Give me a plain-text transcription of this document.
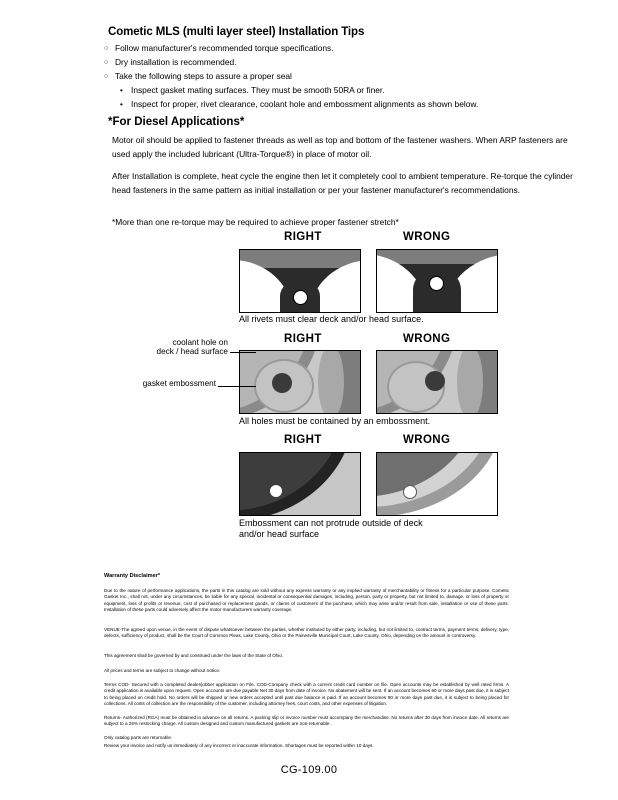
Cometic MLS (multi layer steel) Installation Tips
○ Follow manufacturer's recommended torque specifications.
○ Dry installation is recommended.
○ Take the following steps to assure a proper seal
• Inspect gasket mating surfaces. They must be smooth 50RA or finer.
• Inspect for proper, rivet clearance, coolant hole and embossment alignments as shown below.
*For Diesel Applications*
Motor oil should be applied to fastener threads as well as top and bottom of the fastener washers. When ARP fasteners are used apply the included lubricant (Ultra-Torque®) in place of motor oil.
After Installation is complete, heat cycle the engine then let it completely cool to ambient temperature. Re-torque the cylinder head fasteners in the same pattern as initial installation or per your fastener manufacturer's recommendations.
*More than one re-torque may be required to achieve proper fastener stretch*
RIGHT	WRONG
All rivets must clear deck and/or head surface.
RIGHT	WRONG
coolant hole on
deck / head surface
gasket embossment
All holes must be contained by an embossment.
RIGHT	WRONG
Embossment can not protrude outside of deck
and/or head surface
Warranty Disclaimer*
Due to the nature of performance applications, the parts in this catalog are sold without any express warranty or any implied warranty of merchantability or fitness for a particular purpose. Cometic Gasket Inc., shall not, under any circumstances, be liable for any special, incidental or consequential damages, including, person, party or property, but not limited to, damage, or loss of property or equipment, loss of profits or revenue, cost of purchased or replacement goods, or claims of customers of the purchase, which may arise and/or result from sale, installation or use of these parts. Installation of these parts could adversely affect the motor manufacturers warranty coverage.
VENUE-The agreed upon venue, in the event of dispute whatsoever between the parties, whether instituted by either party, including, but not limited to, contract terms, payment terms, delivery, type, defects, sufficiency of product, shall be the Court of Common Pleas, Lake County, Ohio or the Painesville Municipal Court, Lake County, Ohio, depending on the amount in controversy.
This agreement shall be governed by and construed under the laws of the State of Ohio.
All prices and terms are subject to change without notice.
Terms COD- Secured with a completed dealer/jobber application on File, COD-Company check with a current credit card number on file. Open accounts may be established by well rated firms. A credit application is available upon request. Open accounts are due payable Net 30 days from date of invoice. No abatement will be sent. If an account becomes 60 or more days past due, it is subject to being placed on credit hold. No orders will be shipped or new orders accepted until past due balance is paid. If an account becomes 90 or more days past due, it is subject to being placed for collections. All costs of collection are the responsibility of the customer, including attorney fees, court costs, and other expenses of litigation.
Returns- Authorized (RGA) must be obtained in advance on all returns. A packing slip or invoice number must accompany the merchandise. No returns after 30 days from invoice date. All returns are subject to a 25% restocking charge. All custom designed and custom manufactured gaskets are non-returnable.
Only catalog parts are returnable.
Review your invoice and notify us immediately of any incorrect or inaccurate information. Shortages must be reported within 10 days.
CG-109.00
